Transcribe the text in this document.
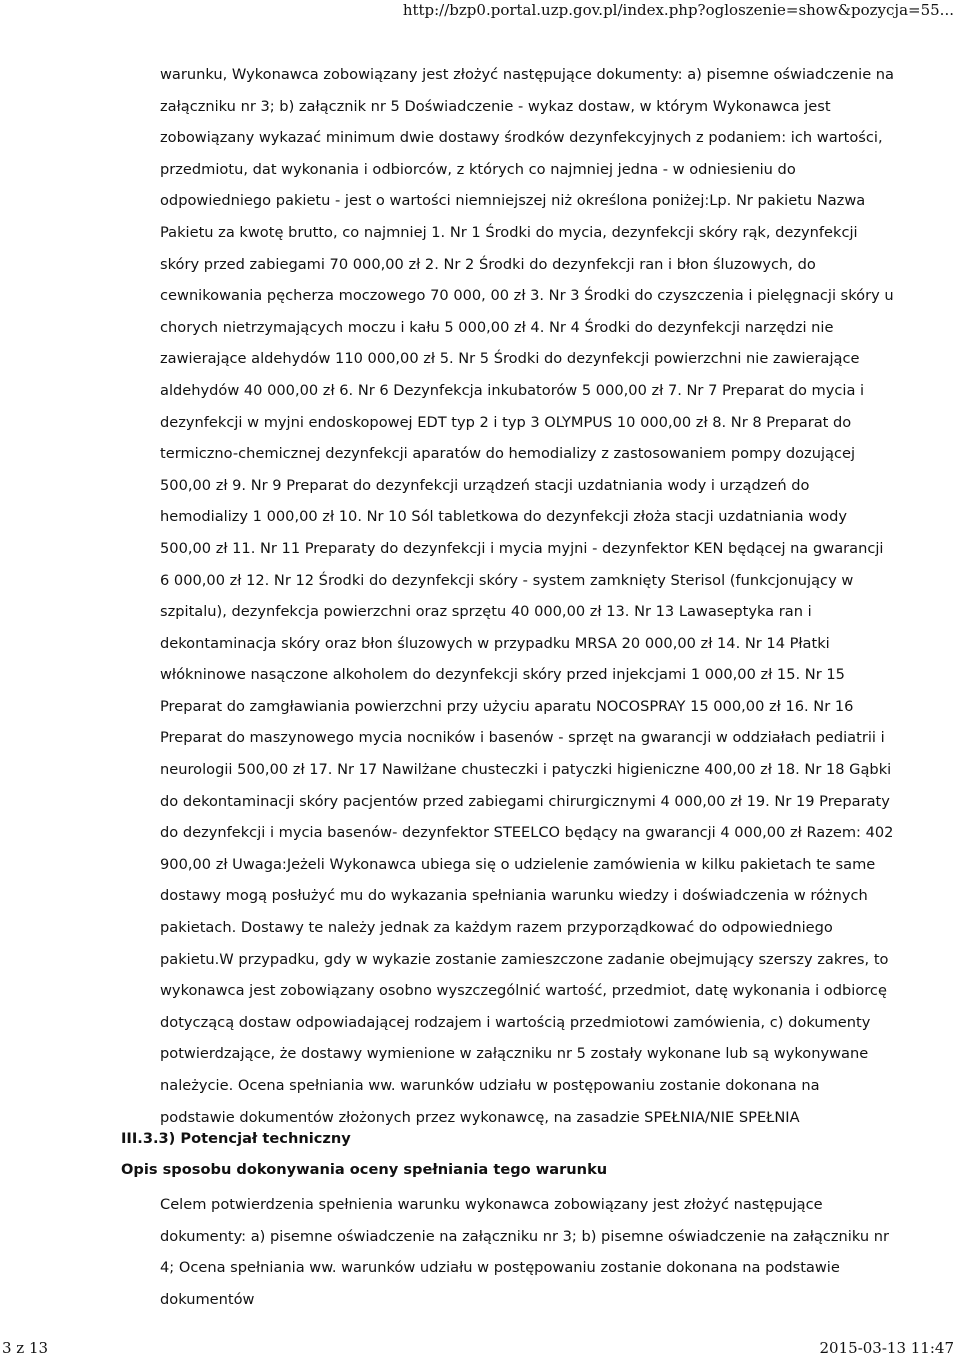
http://bzp0.portal.uzp.gov.pl/index.php?ogloszenie=show&pozycja=55...

warunku, Wykonawca zobowiązany jest złożyć następujące dokumenty: a) pisemne oświadczenie na załączniku nr 3; b) załącznik nr 5 Doświadczenie - wykaz dostaw, w którym Wykonawca jest zobowiązany wykazać minimum dwie dostawy środków dezynfekcyjnych z podaniem: ich wartości, przedmiotu, dat wykonania i odbiorców, z których co najmniej jedna - w odniesieniu do odpowiedniego pakietu - jest o wartości niemniejszej niż określona poniżej:Lp. Nr pakietu Nazwa Pakietu za kwotę brutto, co najmniej 1. Nr 1 Środki do mycia, dezynfekcji skóry rąk, dezynfekcji skóry przed zabiegami 70 000,00 zł 2. Nr 2 Środki do dezynfekcji ran i błon śluzowych, do cewnikowania pęcherza moczowego 70 000, 00 zł 3. Nr 3 Środki do czyszczenia i pielęgnacji skóry u chorych nietrzymających moczu i kału 5 000,00 zł 4. Nr 4 Środki do dezynfekcji narzędzi nie zawierające aldehydów 110 000,00 zł 5. Nr 5 Środki do dezynfekcji powierzchni nie zawierające aldehydów 40 000,00 zł 6. Nr 6 Dezynfekcja inkubatorów 5 000,00 zł 7. Nr 7 Preparat do mycia i dezynfekcji w myjni endoskopowej EDT typ 2 i typ 3 OLYMPUS 10 000,00 zł 8. Nr 8 Preparat do termiczno-chemicznej dezynfekcji aparatów do hemodializy z zastosowaniem pompy dozującej 500,00 zł 9. Nr 9 Preparat do dezynfekcji urządzeń stacji uzdatniania wody i urządzeń do hemodializy 1 000,00 zł 10. Nr 10 Sól tabletkowa do dezynfekcji złoża stacji uzdatniania wody 500,00 zł 11. Nr 11 Preparaty do dezynfekcji i mycia myjni - dezynfektor KEN będącej na gwarancji 6 000,00 zł 12. Nr 12 Środki do dezynfekcji skóry - system zamknięty Sterisol (funkcjonujący w szpitalu), dezynfekcja powierzchni oraz sprzętu 40 000,00 zł 13. Nr 13 Lawaseptyka ran i dekontaminacja skóry oraz błon śluzowych w przypadku MRSA 20 000,00 zł 14. Nr 14 Płatki włókninowe nasączone alkoholem do dezynfekcji skóry przed injekcjami 1 000,00 zł 15. Nr 15 Preparat do zamgławiania powierzchni przy użyciu aparatu NOCOSPRAY 15 000,00 zł 16. Nr 16 Preparat do maszynowego mycia nocników i basenów - sprzęt na gwarancji w oddziałach pediatrii i neurologii 500,00 zł 17. Nr 17 Nawilżane chusteczki i patyczki higieniczne 400,00 zł 18. Nr 18 Gąbki do dekontaminacji skóry pacjentów przed zabiegami chirurgicznymi 4 000,00 zł 19. Nr 19 Preparaty do dezynfekcji i mycia basenów- dezynfektor STEELCO będący na gwarancji 4 000,00 zł Razem: 402 900,00 zł Uwaga:Jeżeli Wykonawca ubiega się o udzielenie zamówienia w kilku pakietach te same dostawy mogą posłużyć mu do wykazania spełniania warunku wiedzy i doświadczenia w różnych pakietach. Dostawy te należy jednak za każdym razem przyporządkować do odpowiedniego pakietu.W przypadku, gdy w wykazie zostanie zamieszczone zadanie obejmujący szerszy zakres, to wykonawca jest zobowiązany osobno wyszczególnić wartość, przedmiot, datę wykonania i odbiorcę dotyczącą dostaw odpowiadającej rodzajem i wartością przedmiotowi zamówienia, c) dokumenty potwierdzające, że dostawy wymienione w załączniku nr 5 zostały wykonane lub są wykonywane należycie. Ocena spełniania ww. warunków udziału w postępowaniu zostanie dokonana na podstawie dokumentów złożonych przez wykonawcę, na zasadzie SPEŁNIA/NIE SPEŁNIA

III.3.3) Potencjał techniczny
Opis sposobu dokonywania oceny spełniania tego warunku

Celem potwierdzenia spełnienia warunku wykonawca zobowiązany jest złożyć następujące dokumenty: a) pisemne oświadczenie na załączniku nr 3; b) pisemne oświadczenie na załączniku nr 4; Ocena spełniania ww. warunków udziału w postępowaniu zostanie dokonana na podstawie dokumentów

3 z 13	2015-03-13 11:47
